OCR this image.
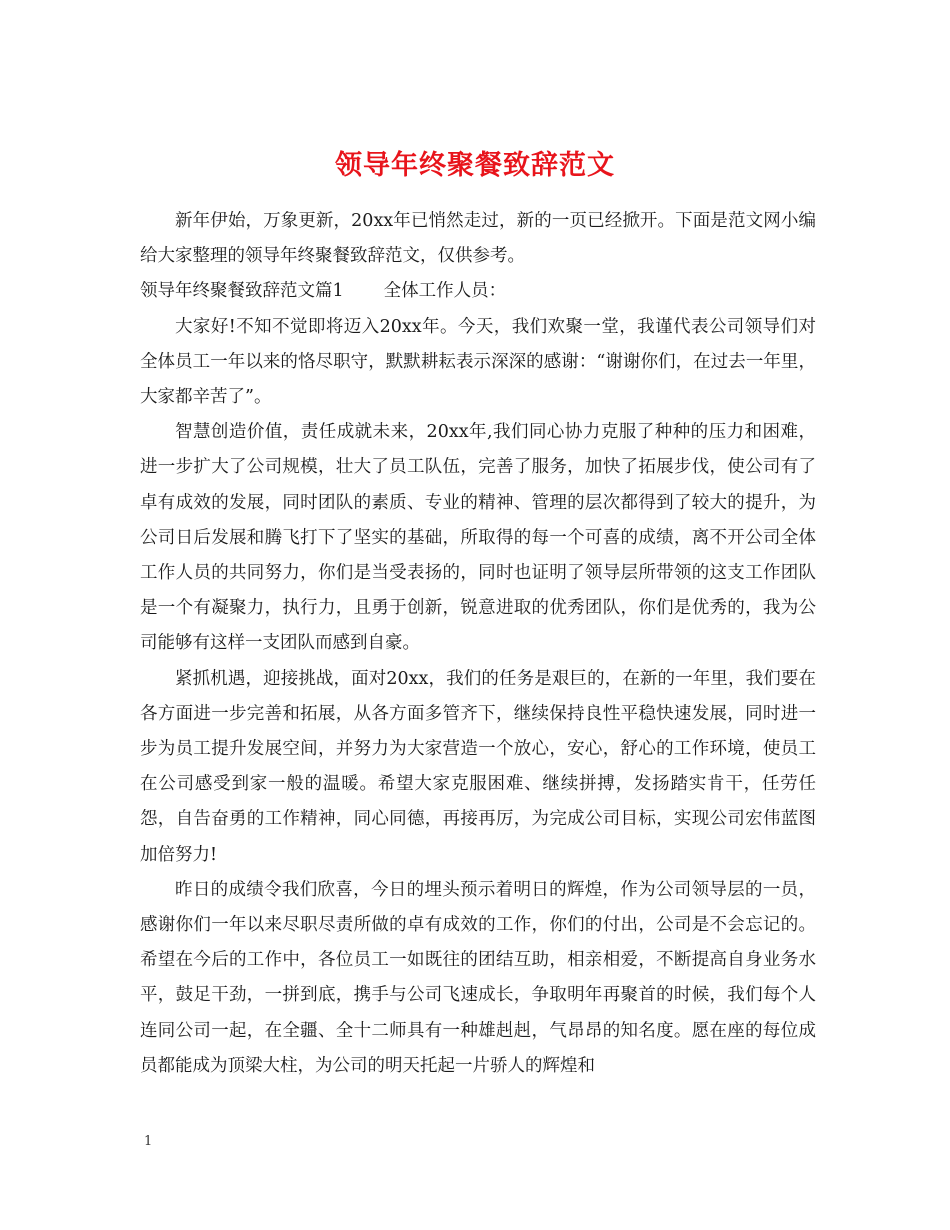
领导年终聚餐致辞范文

新年伊始，万象更新，20xx年已悄然走过，新的一页已经掀开。下面是范文网小编给大家整理的领导年终聚餐致辞范文，仅供参考。

领导年终聚餐致辞范文篇1 全体工作人员：

大家好!不知不觉即将迈入20xx年。今天，我们欢聚一堂，我谨代表公司领导们对全体员工一年以来的恪尽职守，默默耕耘表示深深的感谢：“谢谢你们，在过去一年里，大家都辛苦了”。

智慧创造价值，责任成就未来，20xx年,我们同心协力克服了种种的压力和困难，进一步扩大了公司规模，壮大了员工队伍，完善了服务，加快了拓展步伐，使公司有了卓有成效的发展，同时团队的素质、专业的精神、管理的层次都得到了较大的提升，为公司日后发展和腾飞打下了坚实的基础，所取得的每一个可喜的成绩，离不开公司全体工作人员的共同努力，你们是当受表扬的，同时也证明了领导层所带领的这支工作团队是一个有凝聚力，执行力，且勇于创新，锐意进取的优秀团队，你们是优秀的，我为公司能够有这样一支团队而感到自豪。

紧抓机遇，迎接挑战，面对20xx，我们的任务是艰巨的，在新的一年里，我们要在各方面进一步完善和拓展，从各方面多管齐下，继续保持良性平稳快速发展，同时进一步为员工提升发展空间，并努力为大家营造一个放心，安心，舒心的工作环境，使员工在公司感受到家一般的温暖。希望大家克服困难、继续拼搏，发扬踏实肯干，任劳任怨，自告奋勇的工作精神，同心同德，再接再厉，为完成公司目标，实现公司宏伟蓝图加倍努力!

昨日的成绩令我们欣喜，今日的埋头预示着明日的辉煌，作为公司领导层的一员，感谢你们一年以来尽职尽责所做的卓有成效的工作，你们的付出，公司是不会忘记的。希望在今后的工作中，各位员工一如既往的团结互助，相亲相爱，不断提高自身业务水平，鼓足干劲，一拼到底，携手与公司飞速成长，争取明年再聚首的时候，我们每个人连同公司一起，在全疆、全十二师具有一种雄赳赳，气昂昂的知名度。愿在座的每位成员都能成为顶梁大柱，为公司的明天托起一片骄人的辉煌和

1
